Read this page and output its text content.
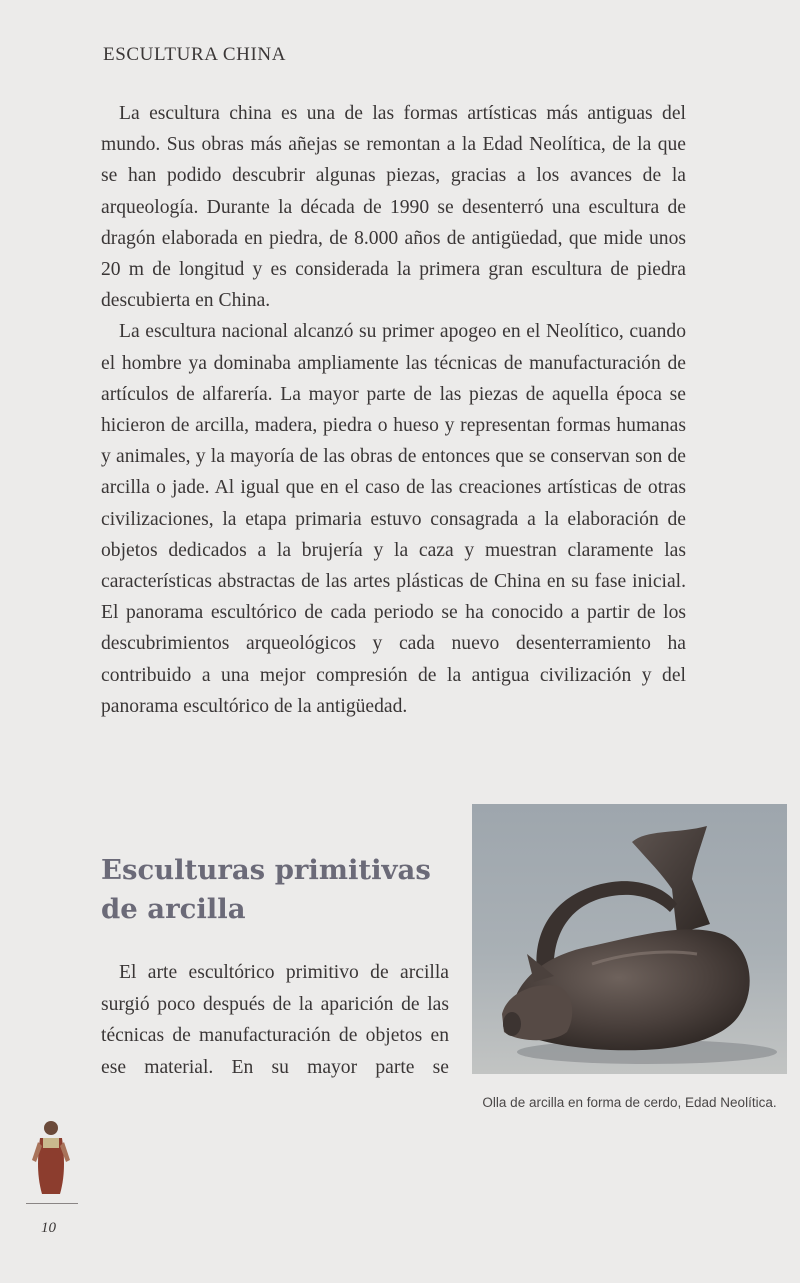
ESCULTURA CHINA

La escultura china es una de las formas artísticas más antiguas del mundo. Sus obras más añejas se remontan a la Edad Neolítica, de la que se han podido descubrir algunas piezas, gracias a los avances de la arqueología. Durante la década de 1990 se desenterró una escultura de dragón elaborada en piedra, de 8.000 años de antigüedad, que mide unos 20 m de longitud y es considerada la primera gran escultura de piedra descubierta en China.

La escultura nacional alcanzó su primer apogeo en el Neolítico, cuando el hombre ya dominaba ampliamente las técnicas de manufacturación de artículos de alfarería. La mayor parte de las piezas de aquella época se hicieron de arcilla, madera, piedra o hueso y representan formas humanas y animales, y la mayoría de las obras de entonces que se conservan son de arcilla o jade. Al igual que en el caso de las creaciones artísticas de otras civilizaciones, la etapa primaria estuvo consagrada a la elaboración de objetos dedicados a la brujería y la caza y muestran claramente las características abstractas de las artes plásticas de China en su fase inicial. El panorama escultórico de cada periodo se ha conocido a partir de los descubrimientos arqueológicos y cada nuevo desenterramiento ha contribuido a una mejor compresión de la antigua civilización y del panorama escultórico de la antigüedad.

Esculturas primitivas de arcilla

El arte escultórico primitivo de arcilla surgió poco después de la aparición de las técnicas de manufacturación de objetos en ese material. En su mayor parte se

Olla de arcilla en forma de cerdo, Edad Neolítica.
10
